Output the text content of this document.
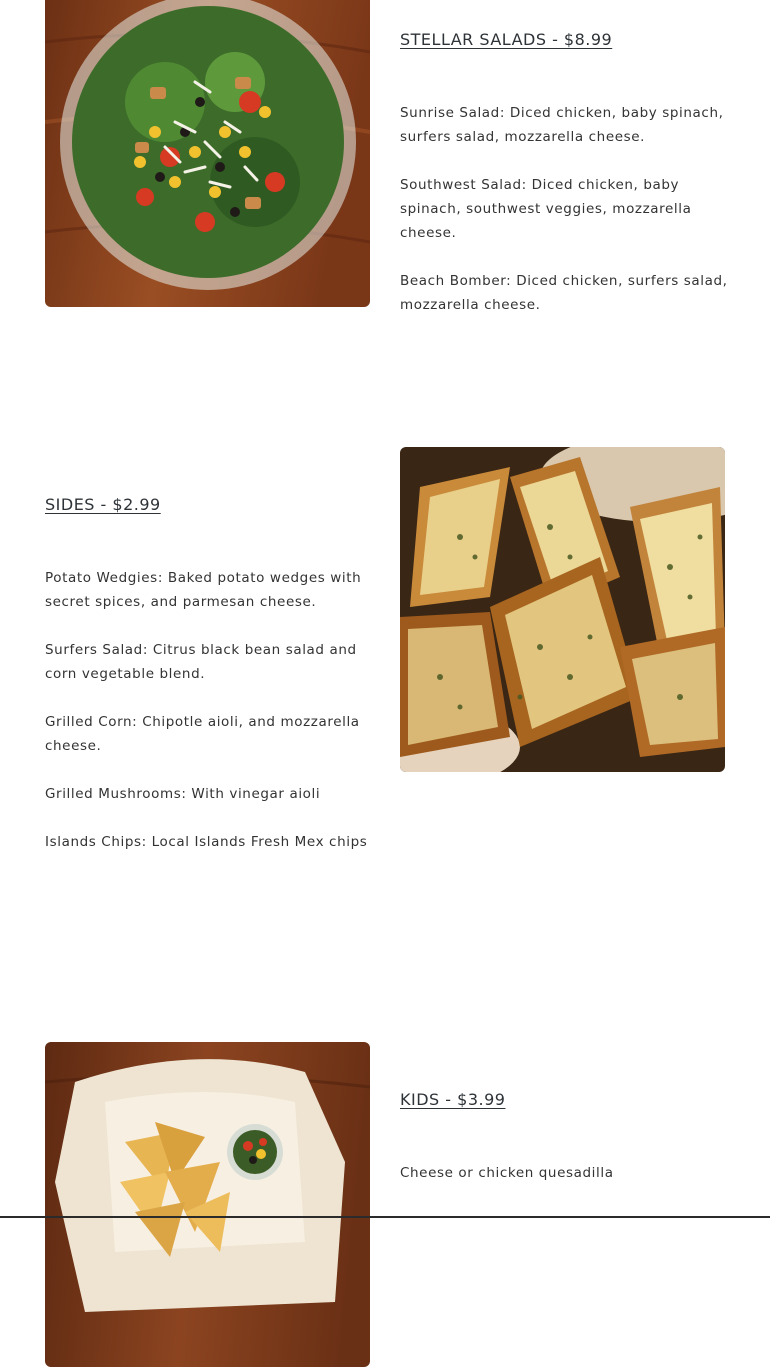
STELLAR SALADS - $8.99

Sunrise Salad: Diced chicken, baby spinach, surfers salad, mozzarella cheese.

Southwest Salad: Diced chicken, baby spinach, southwest veggies, mozzarella cheese.

Beach Bomber: Diced chicken, surfers salad, mozzarella cheese.

SIDES - $2.99

Potato Wedgies: Baked potato wedges with secret spices, and parmesan cheese.

Surfers Salad: Citrus black bean salad and corn vegetable blend.

Grilled Corn: Chipotle aioli, and mozzarella cheese.

Grilled Mushrooms: With vinegar aioli

Islands Chips: Local Islands Fresh Mex chips

KIDS - $3.99

Cheese or chicken quesadilla
